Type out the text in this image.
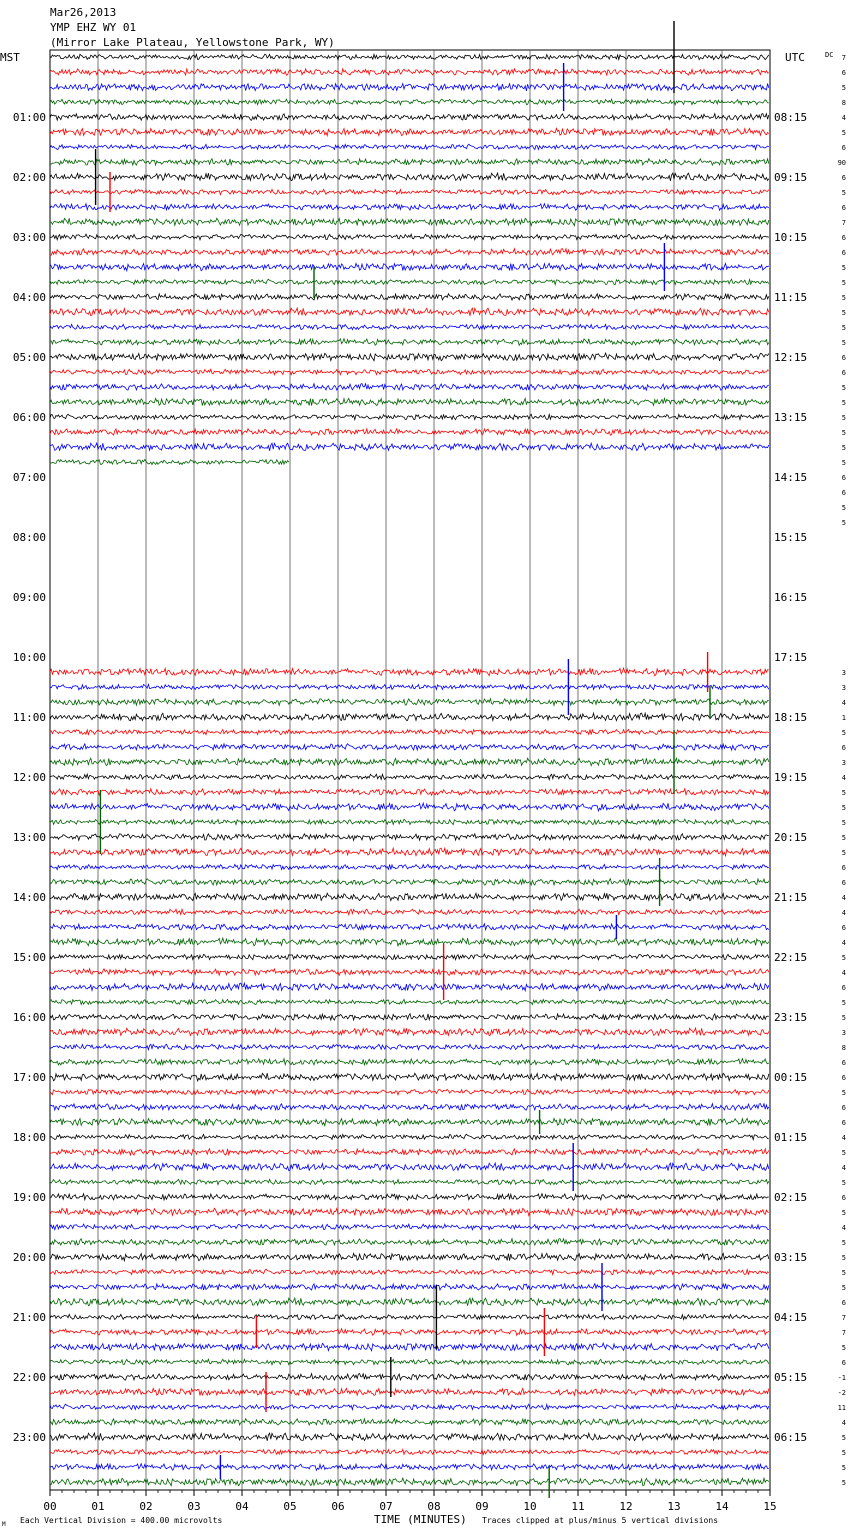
Mar26,2013
YMP EHZ WY 01
(Mirror Lake Plateau, Yellowstone Park, WY)
MST	UTC	DC
01:00
02:00
03:00
04:00
05:00
06:00
07:00
08:00
09:00
10:00
11:00
12:00
13:00
14:00
15:00
16:00
17:00
18:00
19:00
20:00
21:00
22:00
23:00
08:15
09:15
10:15
11:15
12:15
13:15
14:15
15:15
16:15
17:15
18:15
19:15
20:15
21:15
22:15
23:15
00:15
01:15
02:15
03:15
04:15
05:15
06:15
7
6
5
8
4
5
6
90
6
5
6
7
6
6
5
5
5
5
5
5
6
6
5
5
5
5
5
5
6
6
5
5
3
3
4
1
5
6
3
4
5
5
5
5
5
6
6
4
4
6
4
5
4
6
5
5
3
8
6
6
5
6
6
4
5
4
5
6
5
4
5
5
5
5
6
7
7
5
6
-1
-2
11
4
5
5
5
5
00	01	02	03	04	05	06	07	08	09	10	11	12	13	14	15
M Each Vertical Division = 400.00 microvolts	TIME (MINUTES) Traces clipped at plus/minus 5 vertical divisions
